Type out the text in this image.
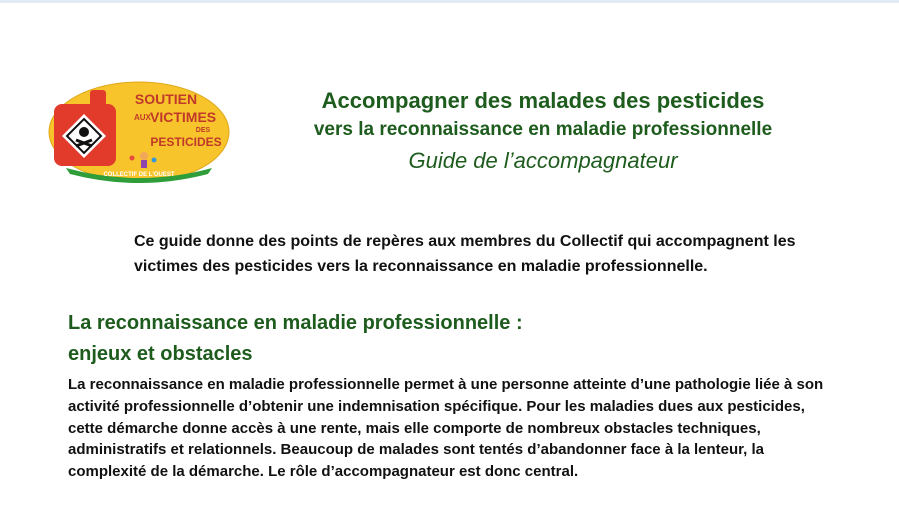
SOUTIEN
AUX VICTIMES
DES
PESTICIDES
COLLECTIF DE L'OUEST
Accompagner des malades des pesticides
vers la reconnaissance en maladie professionnelle
Guide de l’accompagnateur
Ce guide donne des points de repères aux membres du Collectif qui accompagnent les victimes des pesticides vers la reconnaissance en maladie professionnelle.
La reconnaissance en maladie professionnelle :
enjeux et obstacles
La reconnaissance en maladie professionnelle permet à une personne atteinte d’une pathologie liée à son activité professionnelle d’obtenir une indemnisation spécifique. Pour les maladies dues aux pesticides, cette démarche donne accès à une rente, mais elle comporte de nombreux obstacles techniques, administratifs et relationnels. Beaucoup de malades sont tentés d’abandonner face à la lenteur, la complexité de la démarche. Le rôle d’accompagnateur est donc central.
